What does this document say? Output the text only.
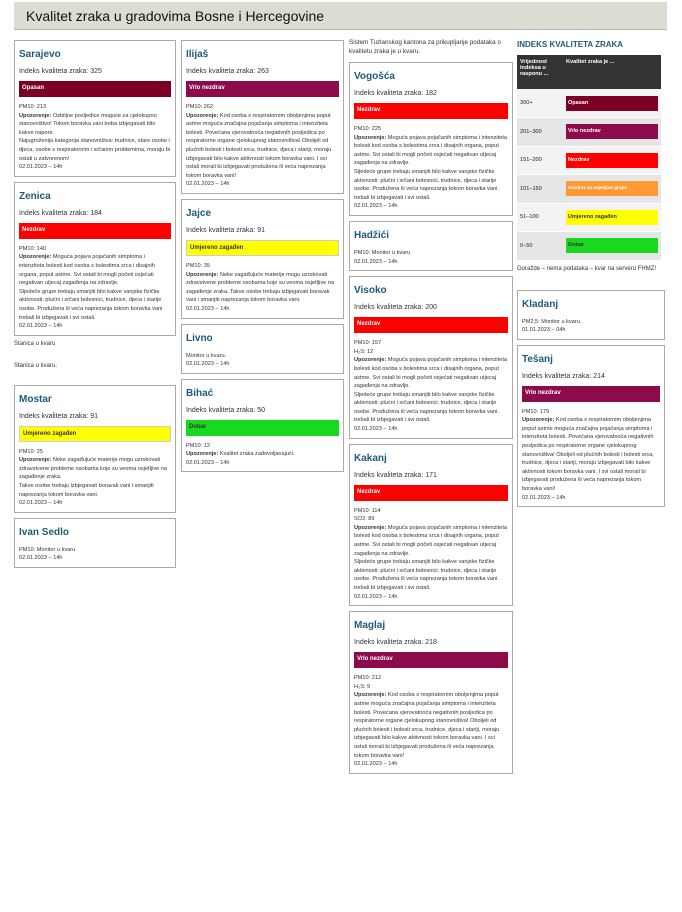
Kvalitet zraka u gradovima Bosne i Hercegovine
Sarajevo
Indeks kvaliteta zraka: 325
Opasan
PM10: 213
Upozorenje: Ozbiljne posljedice moguće za cjelokupno stanovništvo! Tokom boravka vani treba izbjegavati bilo kakve napore.
Najugroženija kategorija stanovništva: trudnice, stare osobe i djeca, osobe s respiratornim i srčanim problemima, moraju bi ostati u zatvorenom!
02.01.2023 – 14h
Zenica
Indeks kvaliteta zraka: 184
Nezdrav
PM10: 140
Upozorenje: Moguća pojava pojačanih simptoma i intenziteta bolesti kod osoba s bolestima srca i disajnih organa, poput astme. Svi ostali bi mogli početi osjećati negativan utjecaj zagađenja na zdravlje.
Sljedeće grupe trebaju smanjiti bilo kakve vanjske fizičke aktivnosti: plućni i srčani bolesnici, trudnice, djeca i starije osobe. Produžena ili veća naprezanja tokom boravka vani trebali bi izbjegavati i svi ostali.
02.01.2023 – 14h
Stanica u kvaru
Stanica u kvaru.
Mostar
Indeks kvaliteta zraka: 91
Umjereno zagađen
PM10: 25
Upozorenje: Neke zagađujuće materije mogu uzrokovati zdravstvene probleme osobama koje su veoma osjetljive na zagađenje zraka.
Takve osobe trebaju izbjegavati boravak vani i smanjiti naprezanja tokom boravka vani.
02.01.2023 – 14h
Ivan Sedlo
PM10: Monitor u kvaru
02.01.2023 – 14h
Ilijaš
Indeks kvaliteta zraka: 263
Vrlo nezdrav
PM10: 262
Upozorenje: Kod osoba s respiratornim oboljenjima poput astme moguća značajna pojačanja simptoma i intenziteta bolesti. Povećana vjerovatnoća negativnih posljedica po respiratorne organe cjelokupnog stanovništva! Oboljeli od plućnih bolesti i bolesti srca, trudnice, djeca i stariji, moraju izbjegavati bilo kakve aktivnosti tokom boravka vani. I svi ostali morali bi izbjegavati produžena ili veća naprezanja tokom boravka vani!
02.01.2023 – 14h
Jajce
Indeks kvaliteta zraka: 91
Umjereno zagađen
PM10: 35
Upozorenje: Neke zagađujuće materije mogu uzrokovati zdravstvene probleme osobama koje su veoma osjetljive na zagađenje zraka. Takve osobe trebaju izbjegavati boravak vani i smanjiti naprezanja tokom boravka vani.
02.01.2023 – 14h
Livno
Monitor u kvaru.
02.01.2023 – 14h
Bihać
Indeks kvaliteta zraka: 50
Dobar
PM10: 12
Upozorenje: Kvalitet zraka zadovoljavajući.
02.01.2023 – 14h
Sistem Tuzlanskog kantona za prikupljanje podataka o kvalitetu zraka je u kvaru.
Vogošća
Indeks kvaliteta zraka: 182
Nezdrav
PM10: 225
Upozorenje: Moguća pojava pojačanih simptoma i intenziteta bolesti kod osoba s bolestima srca i disajnih organa, poput astme. Svi ostali bi mogli početi osjećati negativan utjecaj zagađenja na zdravlje.
Sljedeće grupe trebaju smanjiti bilo kakve vanjske fizičke aktivnosti: plućni i srčani bolesnici, trudnice, djeca i starije osobe. Produžena ili veća naprezanja tokom boravka vani. trebali bi izbjegavati i svi ostali.
02.01.2023 – 14h
Hadžići
PM10: Monitor u kvaru
02.01.2023 – 14h
Visoko
Indeks kvaliteta zraka: 200
Nezdrav
PM10: 157
H₂S: 12
Upozorenje: Moguća pojava pojačanih simptoma i intenziteta bolesti kod osoba s bolestima srca i disajnih organa, poput astme. Svi ostali bi mogli početi osjećati negativan utjecaj zagađenja na zdravlje.
Sljedeće grupe trebaju smanjiti bilo kakve vanjske fizičke aktivnosti: plućni i srčani bolesnici, trudnice, djeca i starije osobe. Produžena ili veća naprezanja tokom boravka vani. trebali bi izbjegavati i svi ostali.
02.01.2023 – 14h
Kakanj
Indeks kvaliteta zraka: 171
Nezdrav
PM10: 114
SO2: 89
Upozorenje: Moguća pojava pojačanih simptoma i intenziteta bolesti kod osoba s bolestima srca i disajnih organa, poput astme. Svi ostali bi mogli početi osjećati negativan utjecaj zagađenja na zdravlje.
Sljedeće grupe trebaju smanjiti bilo kakve vanjske fizičke aktivnosti: plućni i srčani bolesnici, trudnice, djeca i starije osobe. Produžena ili veća naprezanja tokom boravka vani. trebali bi izbjegavati i svi ostali.
02.01.2023 – 14h
Maglaj
Indeks kvaliteta zraka: 218
Vrlo nezdrav
PM10: 212
H₂S: 9
Upozorenje: Kod osoba s respiratornim oboljenjima poput astme moguća značajna pojačanja simptoma i intenziteta bolesti. Povećana vjerovatnoća negativnih posljedica po respiratorne organe cjelokupnog stanovništva! Oboljeli od plućnih bolesti i bolesti srca, trudnice, djeca i stariji, moraju izbjegavati bilo kakve aktivnosti tokom boravka vani. I svi ostali morali bi izbjegavati produžena ili veća naprezanja tokom boravka vani!
02.01.2023 – 14h
INDEKS KVALITETA ZRAKA
Vrijednost indeksa u rasponu ...	Kvalitet zraka je ...
300+	Opasan

201–300	Vrlo nezdrav

151–200	Nezdrav

101–150	Nezdrav za osjetljive grupe

51–100	Umjereno zagađen

0–50	Dobar
Goražde – nema podataka – kvar na serveru FHMZ!
Kladanj
PM2,5: Monitor u kvaru.
01.01.2023 – 04h
Tešanj
Indeks kvaliteta zraka: 214
Vrlo nezdrav
PM10: 179
Upozorenje: Kod osoba s respiratornim oboljenjima poput astme moguća značajna pojačanja simptoma i intenziteta bolesti. Povećana vjerovatnoća negativnih posljedica po respiratorne organe cjelokupnog stanovništva! Oboljeli od plućnih bolesti i bolesti srca, trudnice, djeca i stariji, moraju izbjegavati bilo kakve aktivnosti tokom boravka vani. I svi ostali morali bi izbjegavati produžena ili veća naprezanja tokom boravka vani!
02.01.2023 – 14h
